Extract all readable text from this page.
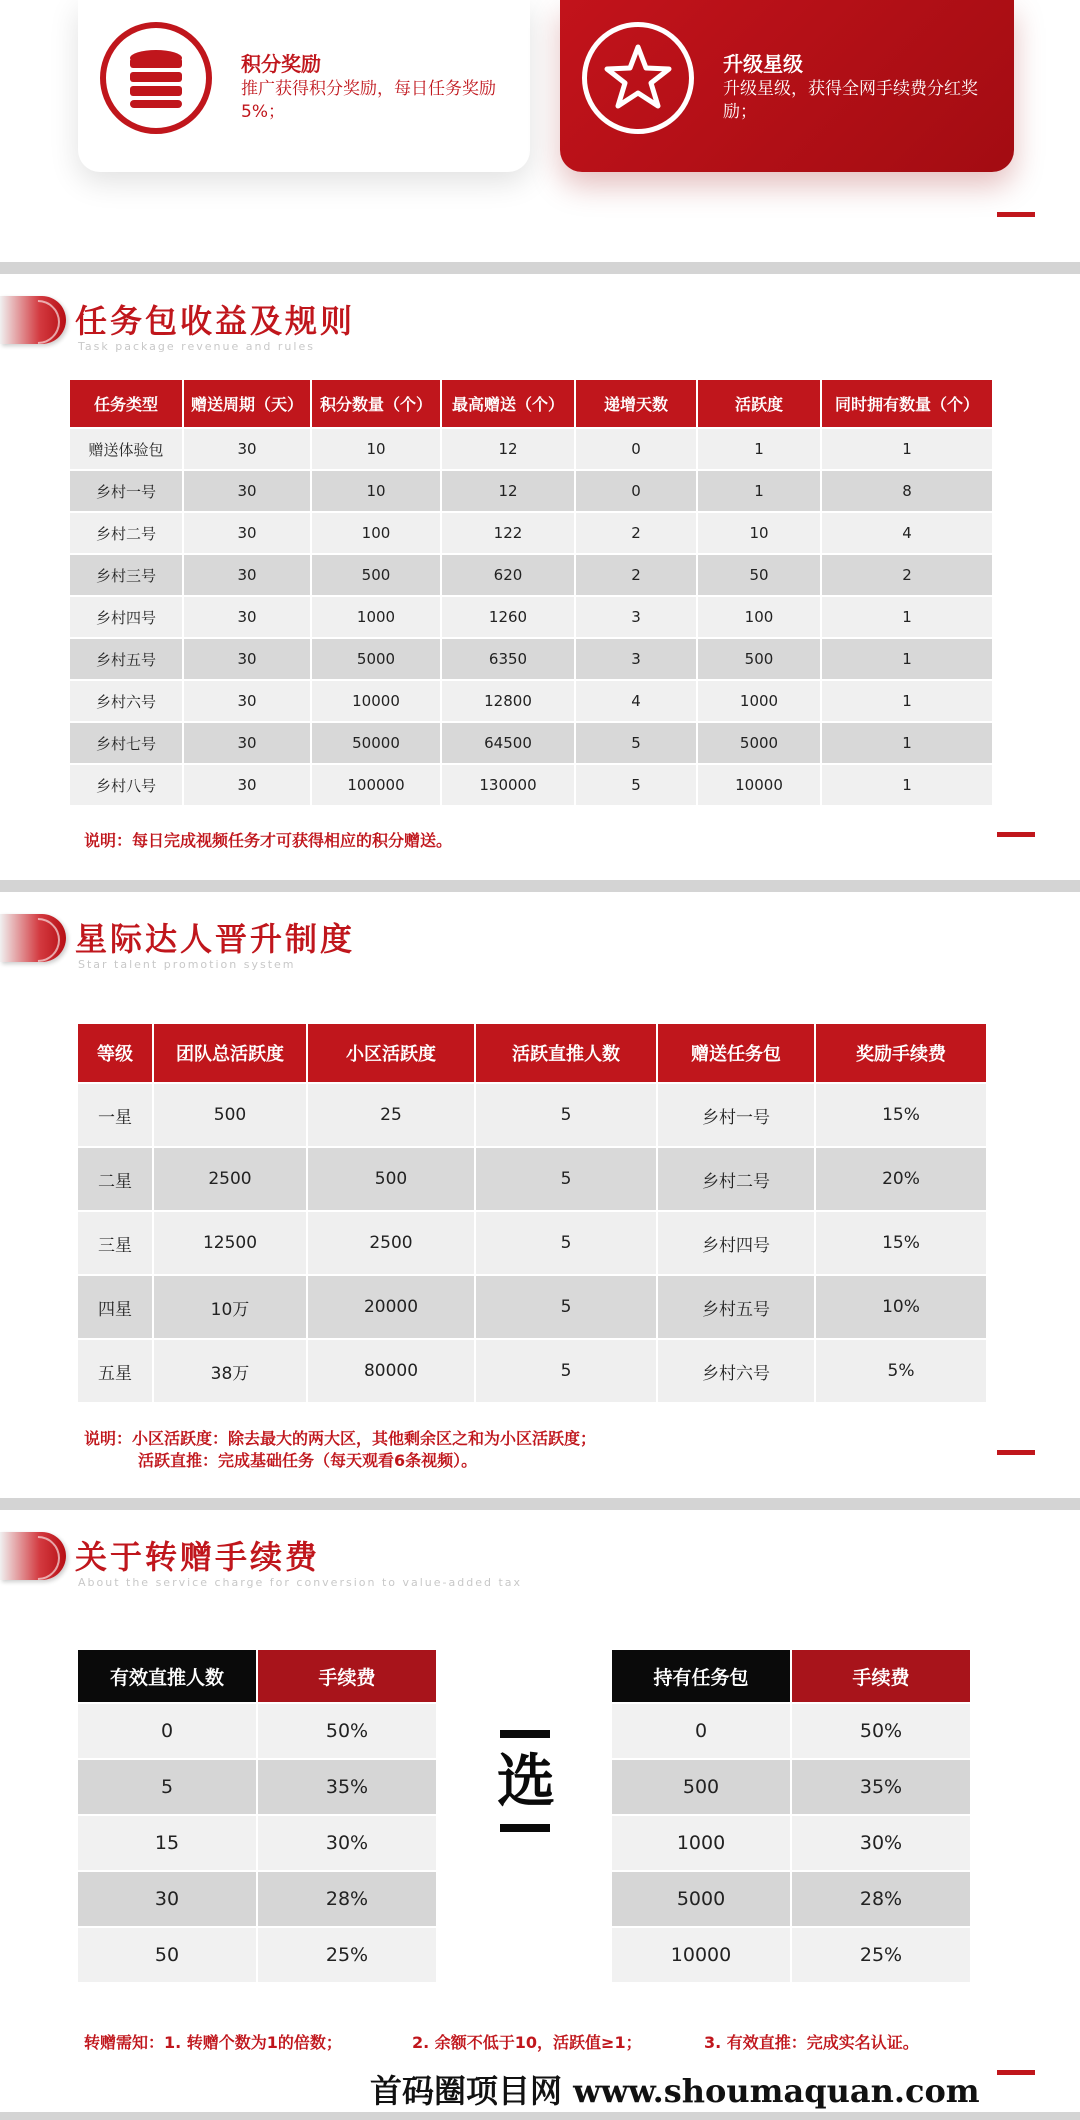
积分奖励
推广获得积分奖励，每日任务奖励5%；
升级星级
升级星级，获得全网手续费分红奖励；
任务包收益及规则
Task package revenue and rules
任务类型	赠送周期（天）	积分数量（个）	最高赠送（个）	递增天数	活跃度	同时拥有数量（个）
赠送体验包	30	10	12	0	1	1
乡村一号	30	10	12	0	1	8
乡村二号	30	100	122	2	10	4
乡村三号	30	500	620	2	50	2
乡村四号	30	1000	1260	3	100	1
乡村五号	30	5000	6350	3	500	1
乡村六号	30	10000	12800	4	1000	1
乡村七号	30	50000	64500	5	5000	1
乡村八号	30	100000	130000	5	10000	1
说明：每日完成视频任务才可获得相应的积分赠送。
星际达人晋升制度
Star talent promotion system
等级	团队总活跃度	小区活跃度	活跃直推人数	赠送任务包	奖励手续费
一星	500	25	5	乡村一号	15%
二星	2500	500	5	乡村二号	20%
三星	12500	2500	5	乡村四号	15%
四星	10万	20000	5	乡村五号	10%
五星	38万	80000	5	乡村六号	5%
说明：小区活跃度：除去最大的两大区，其他剩余区之和为小区活跃度；
活跃直推：完成基础任务（每天观看6条视频）。
关于转赠手续费
About the service charge for conversion to value-added tax
有效直推人数	手续费
0	50%
5	35%
15	30%
30	28%
50	25%
选
持有任务包	手续费
0	50%
500	35%
1000	30%
5000	28%
10000	25%
转赠需知：1. 转赠个数为1的倍数；	2. 余额不低于10，活跃值≥1；	3. 有效直推：完成实名认证。
首码圈项目网 www.shoumaquan.com
